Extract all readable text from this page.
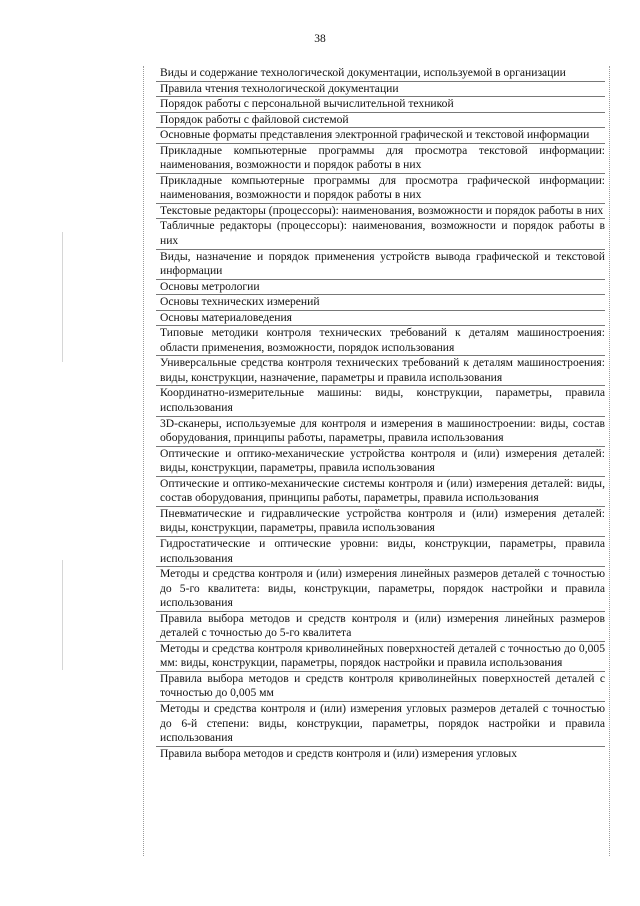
38
Виды и содержание технологической документации, используемой в организации
Правила чтения технологической документации
Порядок работы с персональной вычислительной техникой
Порядок работы с файловой системой
Основные форматы представления электронной графической и текстовой информации
Прикладные компьютерные программы для просмотра текстовой информации: наименования, возможности и порядок работы в них
Прикладные компьютерные программы для просмотра графической информации: наименования, возможности и порядок работы в них
Текстовые редакторы (процессоры): наименования, возможности и порядок работы в них
Табличные редакторы (процессоры): наименования, возможности и порядок работы в них
Виды, назначение и порядок применения устройств вывода графической и текстовой информации
Основы метрологии
Основы технических измерений
Основы материаловедения
Типовые методики контроля технических требований к деталям машиностроения: области применения, возможности, порядок использования
Универсальные средства контроля технических требований к деталям машиностроения: виды, конструкции, назначение, параметры и правила использования
Координатно-измерительные машины: виды, конструкции, параметры, правила использования
3D-сканеры, используемые для контроля и измерения в машиностроении: виды, состав оборудования, принципы работы, параметры, правила использования
Оптические и оптико-механические устройства контроля и (или) измерения деталей: виды, конструкции, параметры, правила использования
Оптические и оптико-механические системы контроля и (или) измерения деталей: виды, состав оборудования, принципы работы, параметры, правила использования
Пневматические и гидравлические устройства контроля и (или) измерения деталей: виды, конструкции, параметры, правила использования
Гидростатические и оптические уровни: виды, конструкции, параметры, правила использования
Методы и средства контроля и (или) измерения линейных размеров деталей с точностью до 5-го квалитета: виды, конструкции, параметры, порядок настройки и правила использования
Правила выбора методов и средств контроля и (или) измерения линейных размеров деталей с точностью до 5-го квалитета
Методы и средства контроля криволинейных поверхностей деталей с точностью до 0,005 мм: виды, конструкции, параметры, порядок настройки и правила использования
Правила выбора методов и средств контроля криволинейных поверхностей деталей с точностью до 0,005 мм
Методы и средства контроля и (или) измерения угловых размеров деталей с точностью до 6-й степени: виды, конструкции, параметры, порядок настройки и правила использования
Правила выбора методов и средств контроля и (или) измерения угловых
